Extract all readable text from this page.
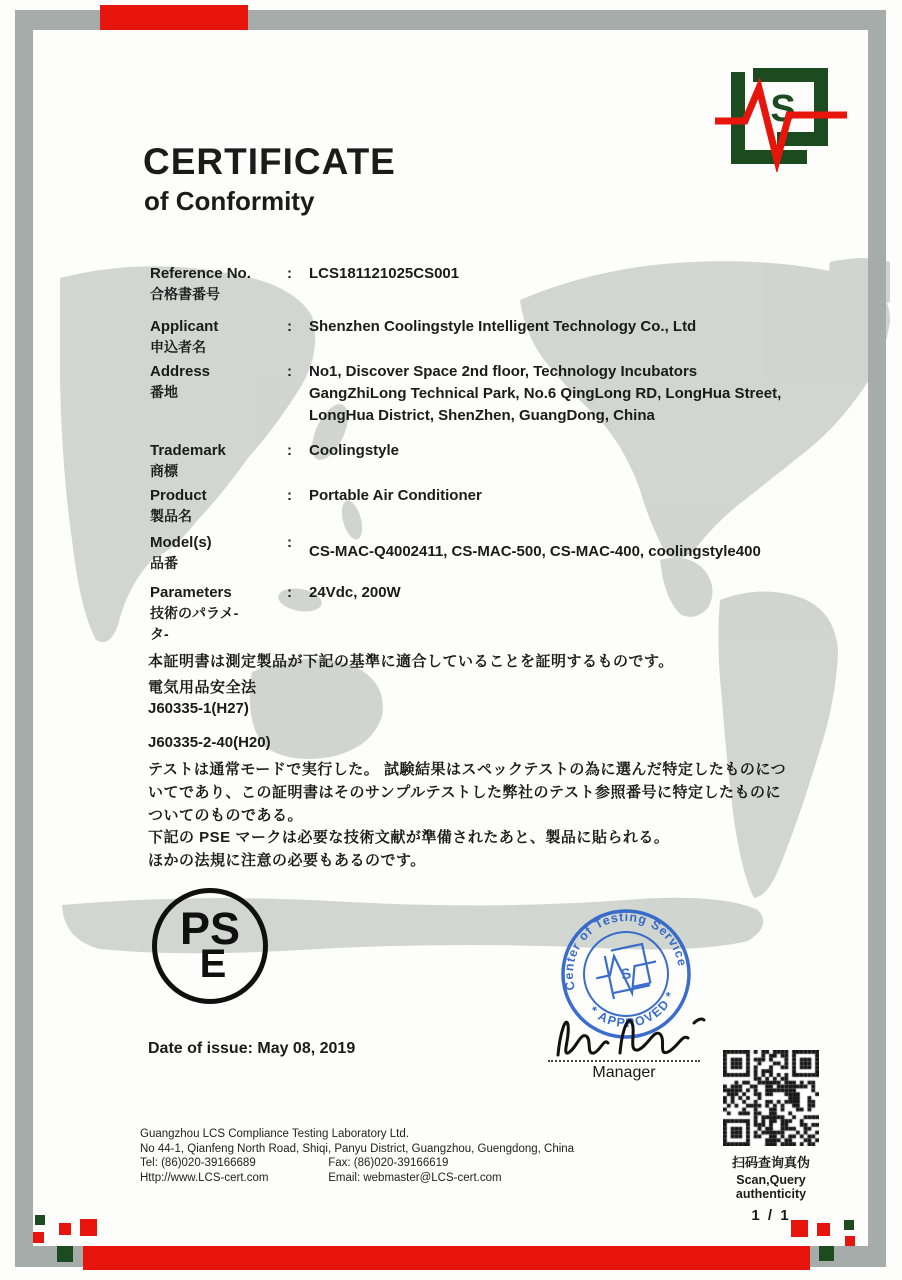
S
CERTIFICATE
of Conformity
Reference No.
合格書番号
:	LCS181121025CS001
Applicant
申込者名
:	Shenzhen Coolingstyle Intelligent Technology Co., Ltd
Address
番地
:	No1, Discover Space 2nd floor, Technology Incubators
GangZhiLong Technical Park, No.6 QingLong RD, LongHua Street,
LongHua District, ShenZhen, GuangDong, China
Trademark
商標
:	Coolingstyle
Product
製品名
:	Portable Air Conditioner
Model(s)
品番
:
CS-MAC-Q4002411, CS-MAC-500, CS-MAC-400, coolingstyle400
Parameters
技術のパラメ-
タ-
:	24Vdc, 200W
本証明書は測定製品が下記の基準に適合していることを証明するものです。
電気用品安全法
J60335-1(H27)
J60335-2-40(H20)
テストは通常モードで実行した。 試験結果はスペックテストの為に選んだ特定したものにつ
いてであり、この証明書はそのサンプルテストした弊社のテスト参照番号に特定したものに
ついてのものである。
下記の PSE マークは必要な技術文献が準備されたあと、製品に貼られる。
ほかの法規に注意の必要もあるのです。
PS
E	Center of Testing Service
* APPROVED *
S
Manager
Date of issue: May 08, 2019
Guangzhou LCS Compliance Testing Laboratory Ltd.
No 44-1, Qianfeng North Road, Shiqi, Panyu District, Guangzhou, Guengdong, China
Tel: (86)020-39166689	Fax: (86)020-39166619
Http://www.LCS-cert.com	Email: webmaster@LCS-cert.com
扫码查询真伪
Scan,Query authenticity
1 / 1
